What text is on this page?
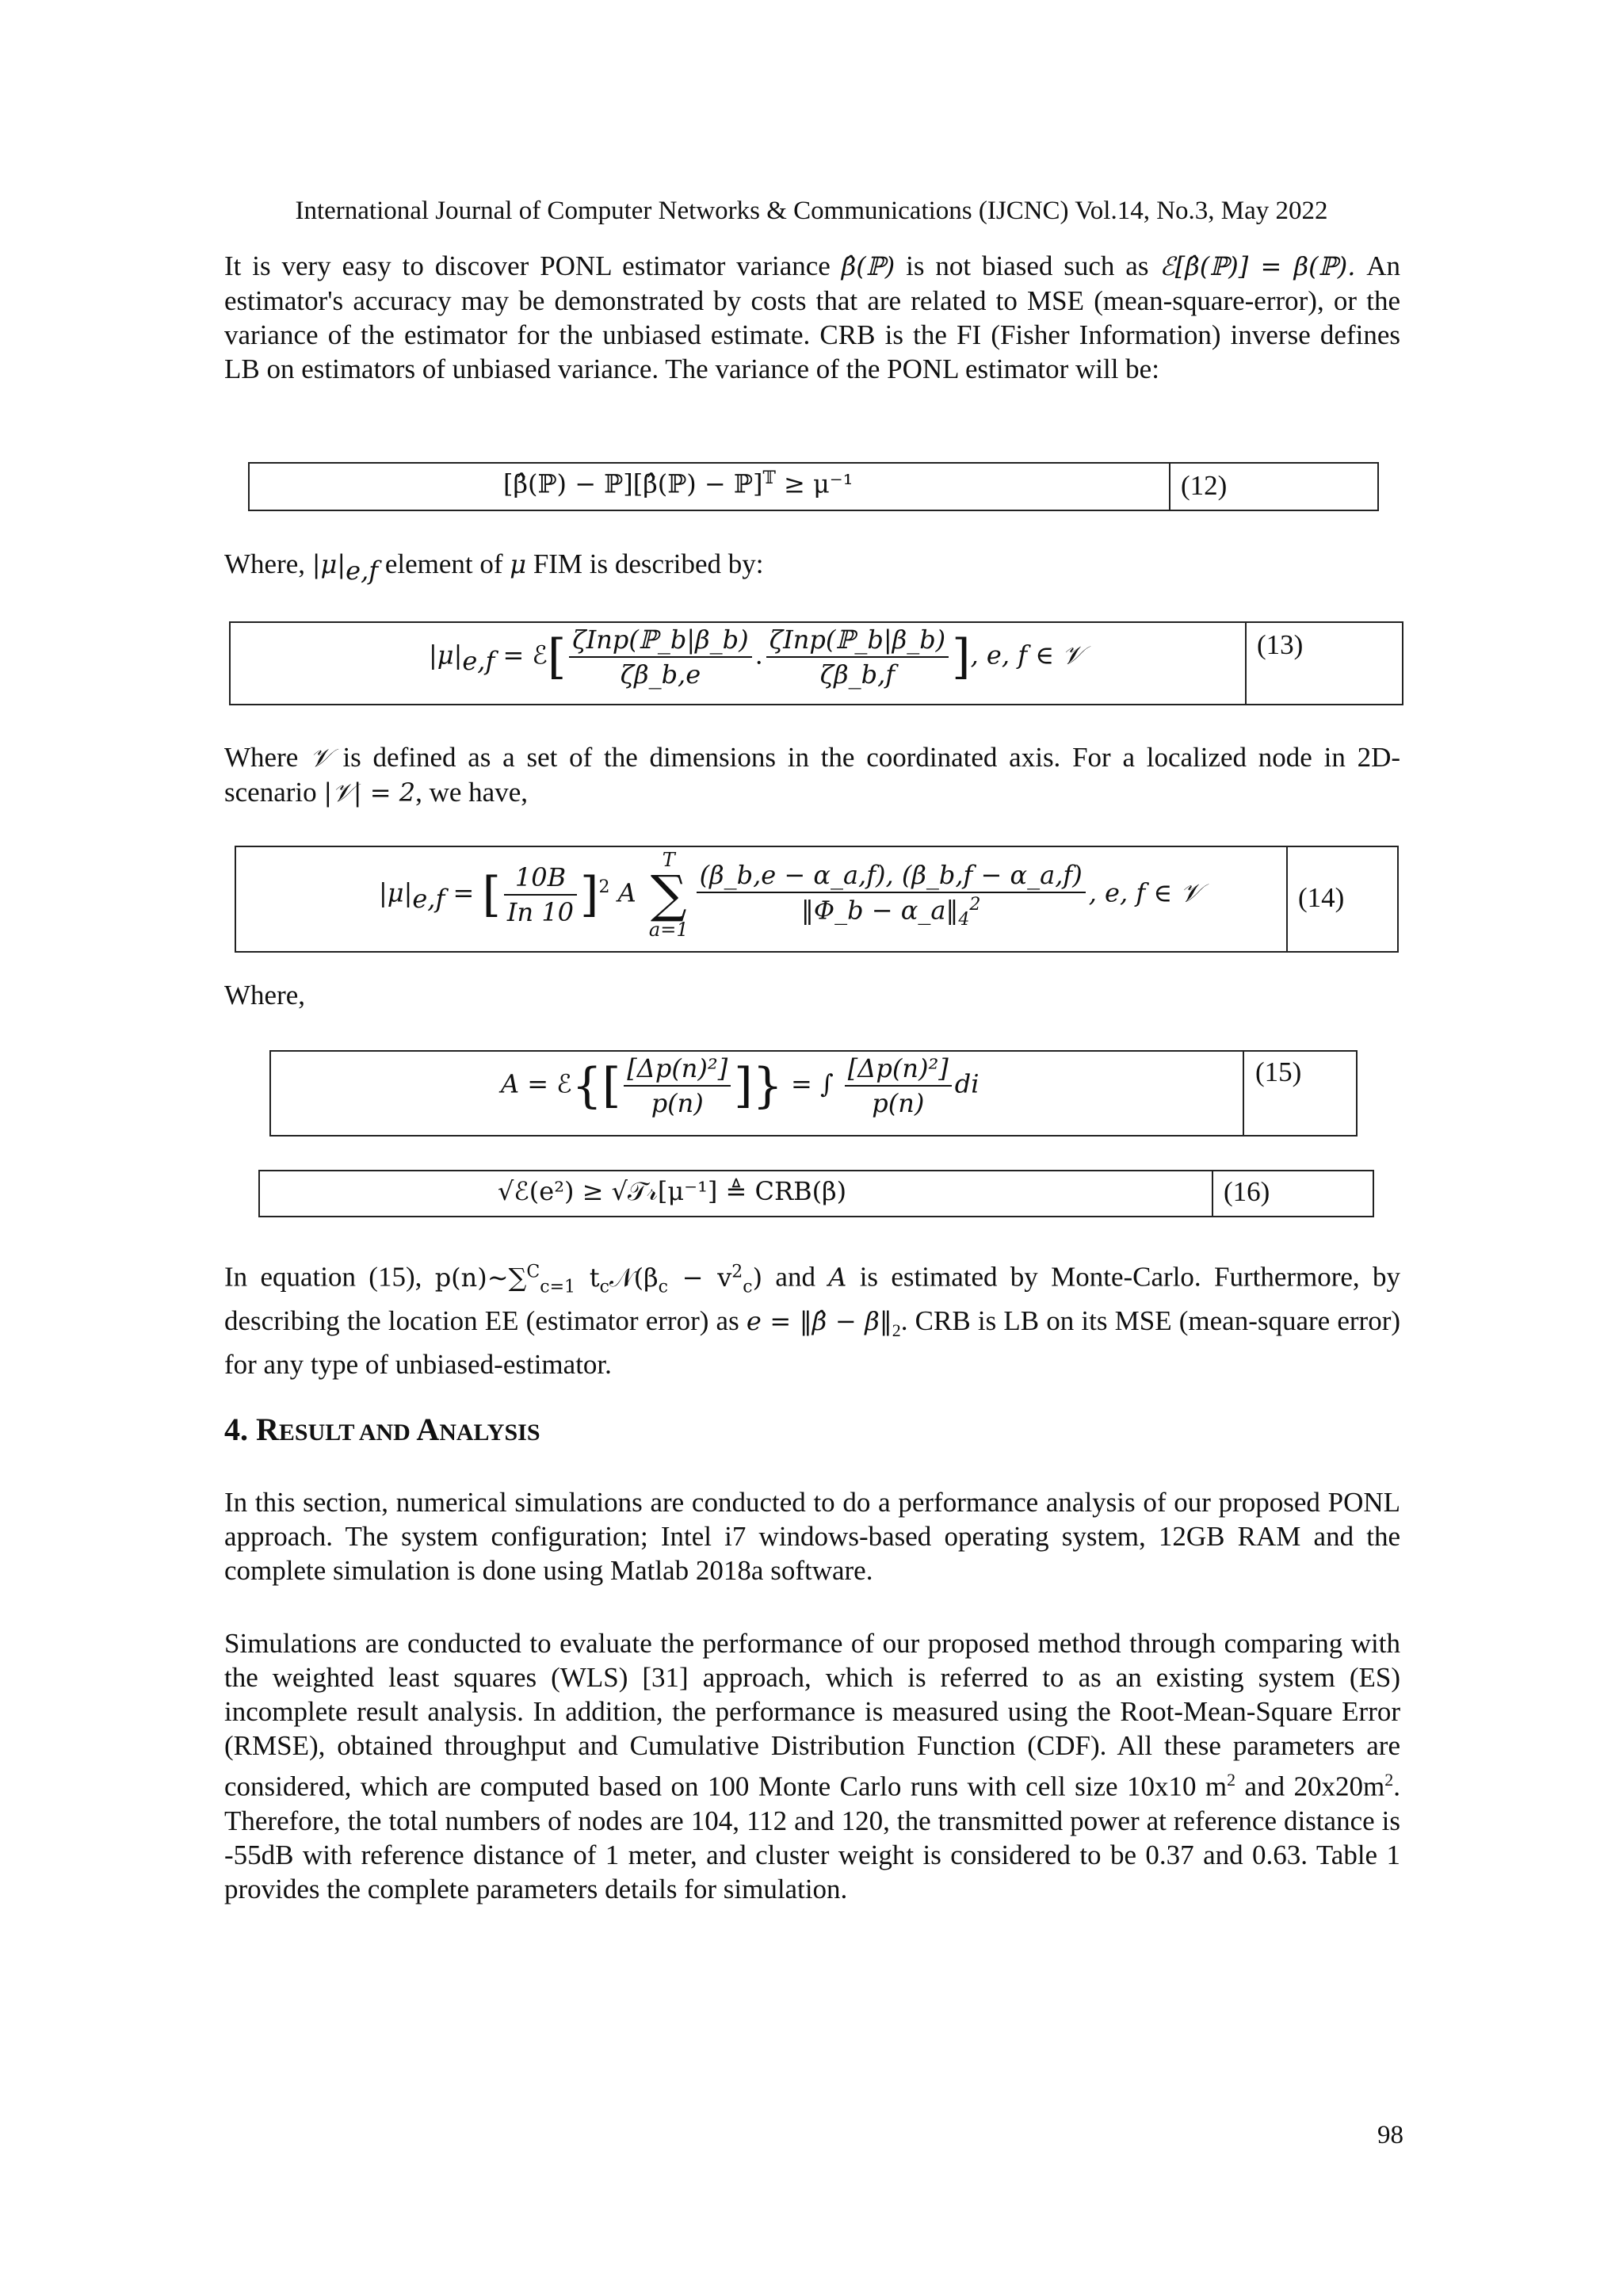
International Journal of Computer Networks & Communications (IJCNC) Vol.14, No.3, May 2022

It is very easy to discover PONL estimator variance β̂(ℙ) is not biased such as ℰ[β̂(ℙ)] = β(ℙ). An estimator's accuracy may be demonstrated by costs that are related to MSE (mean-square-error), or the variance of the estimator for the unbiased estimate. CRB is the FI (Fisher Information) inverse defines LB on estimators of unbiased variance. The variance of the PONL estimator will be:

[β̂(ℙ) − ℙ][β̂(ℙ) − ℙ]$^𝕋$ ≥ μ⁻¹	(12)

Where, $|\mu|_{e,f}$ element of μ FIM is described by:

$|\mu|_{e,f}$ = ℰ[ $\frac{\text{ζInp(ℙ\_b|β\_b)}}{\zeta\beta\_b,e}$ . $\frac{\text{ζInp(ℙ\_b|β\_b)}}{\zeta\beta\_b,f}$ ], e, f ∈ 𝒱	(13)

Where 𝒱 is defined as a set of the dimensions in the coordinated axis. For a localized node in 2D-scenario |𝒱| = 2, we have,

$|\mu|_{e,f}$ = [ $\frac{10B}{In 10} ]^2$ A
T
∑
$a=1 \frac{(\beta\_b,e - \alpha\_a,f), (\beta\_b,f - \alpha\_a,f)}{‖\Phi\_b - \alpha\_a‖_4^2}$ , e, f ∈ 𝒱	(14)

Where,

A = ℰ{[ $\frac{\text{[Δp(n)²]}}{p(n)}$ ]} = ∫ $\frac{\text{[Δp(n)²]}}{p(n)}$ di	(15)
√ℰ(e²) ≥ √𝒯𝓇[μ⁻¹] ≜ CRB(β)	(16)

In equation (15), p(n)∼∑$^C_{c=1}$ $t_c𝒩(\beta_c - v^2_c)$ and A is estimated by Monte-Carlo. Furthermore, by describing the location EE (estimator error) as e = ‖β̂ − $\beta‖_2$. CRB is LB on its MSE (mean-square error) for any type of unbiased-estimator.

4. RESULT AND ANALYSIS

In this section, numerical simulations are conducted to do a performance analysis of our proposed PONL approach. The system configuration; Intel i7 windows-based operating system, 12GB RAM and the complete simulation is done using Matlab 2018a software.

Simulations are conducted to evaluate the performance of our proposed method through comparing with the weighted least squares (WLS) [31] approach, which is referred to as an existing system (ES) incomplete result analysis. In addition, the performance is measured using the Root-Mean-Square Error (RMSE), obtained throughput and Cumulative Distribution Function (CDF). All these parameters are considered, which are computed based on 100 Monte Carlo runs with cell size 10x10 $m^2$ and $20x20m^2$. Therefore, the total numbers of nodes are 104, 112 and 120, the transmitted power at reference distance is -55dB with reference distance of 1 meter, and cluster weight is considered to be 0.37 and 0.63. Table 1 provides the complete parameters details for simulation.

98
